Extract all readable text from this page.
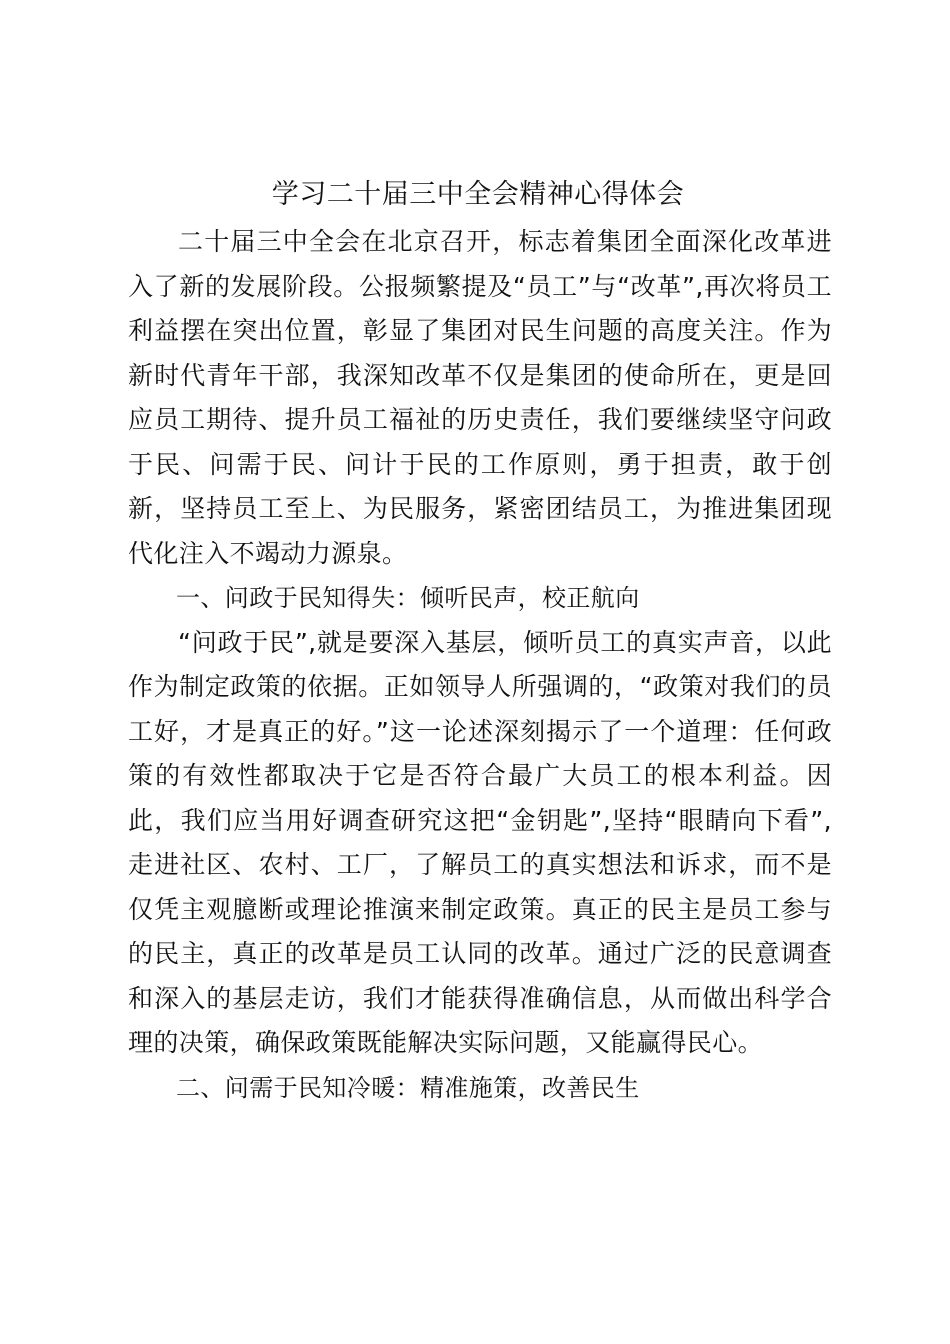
学习二十届三中全会精神心得体会

二十届三中全会在北京召开，标志着集团全面深化改革进入了新的发展阶段。公报频繁提及“员工”与“改革”,再次将员工利益摆在突出位置，彰显了集团对民生问题的高度关注。作为新时代青年干部，我深知改革不仅是集团的使命所在，更是回应员工期待、提升员工福祉的历史责任，我们要继续坚守问政于民、问需于民、问计于民的工作原则，勇于担责，敢于创新，坚持员工至上、为民服务，紧密团结员工，为推进集团现代化注入不竭动力源泉。

一、问政于民知得失：倾听民声，校正航向

“问政于民”,就是要深入基层，倾听员工的真实声音，以此作为制定政策的依据。正如领导人所强调的，“政策对我们的员工好，才是真正的好。”这一论述深刻揭示了一个道理：任何政策的有效性都取决于它是否符合最广大员工的根本利益。因此，我们应当用好调查研究这把“金钥匙”,坚持“眼睛向下看”,走进社区、农村、工厂，了解员工的真实想法和诉求，而不是仅凭主观臆断或理论推演来制定政策。真正的民主是员工参与的民主，真正的改革是员工认同的改革。通过广泛的民意调查和深入的基层走访，我们才能获得准确信息，从而做出科学合理的决策，确保政策既能解决实际问题，又能赢得民心。

二、问需于民知冷暖：精准施策，改善民生
